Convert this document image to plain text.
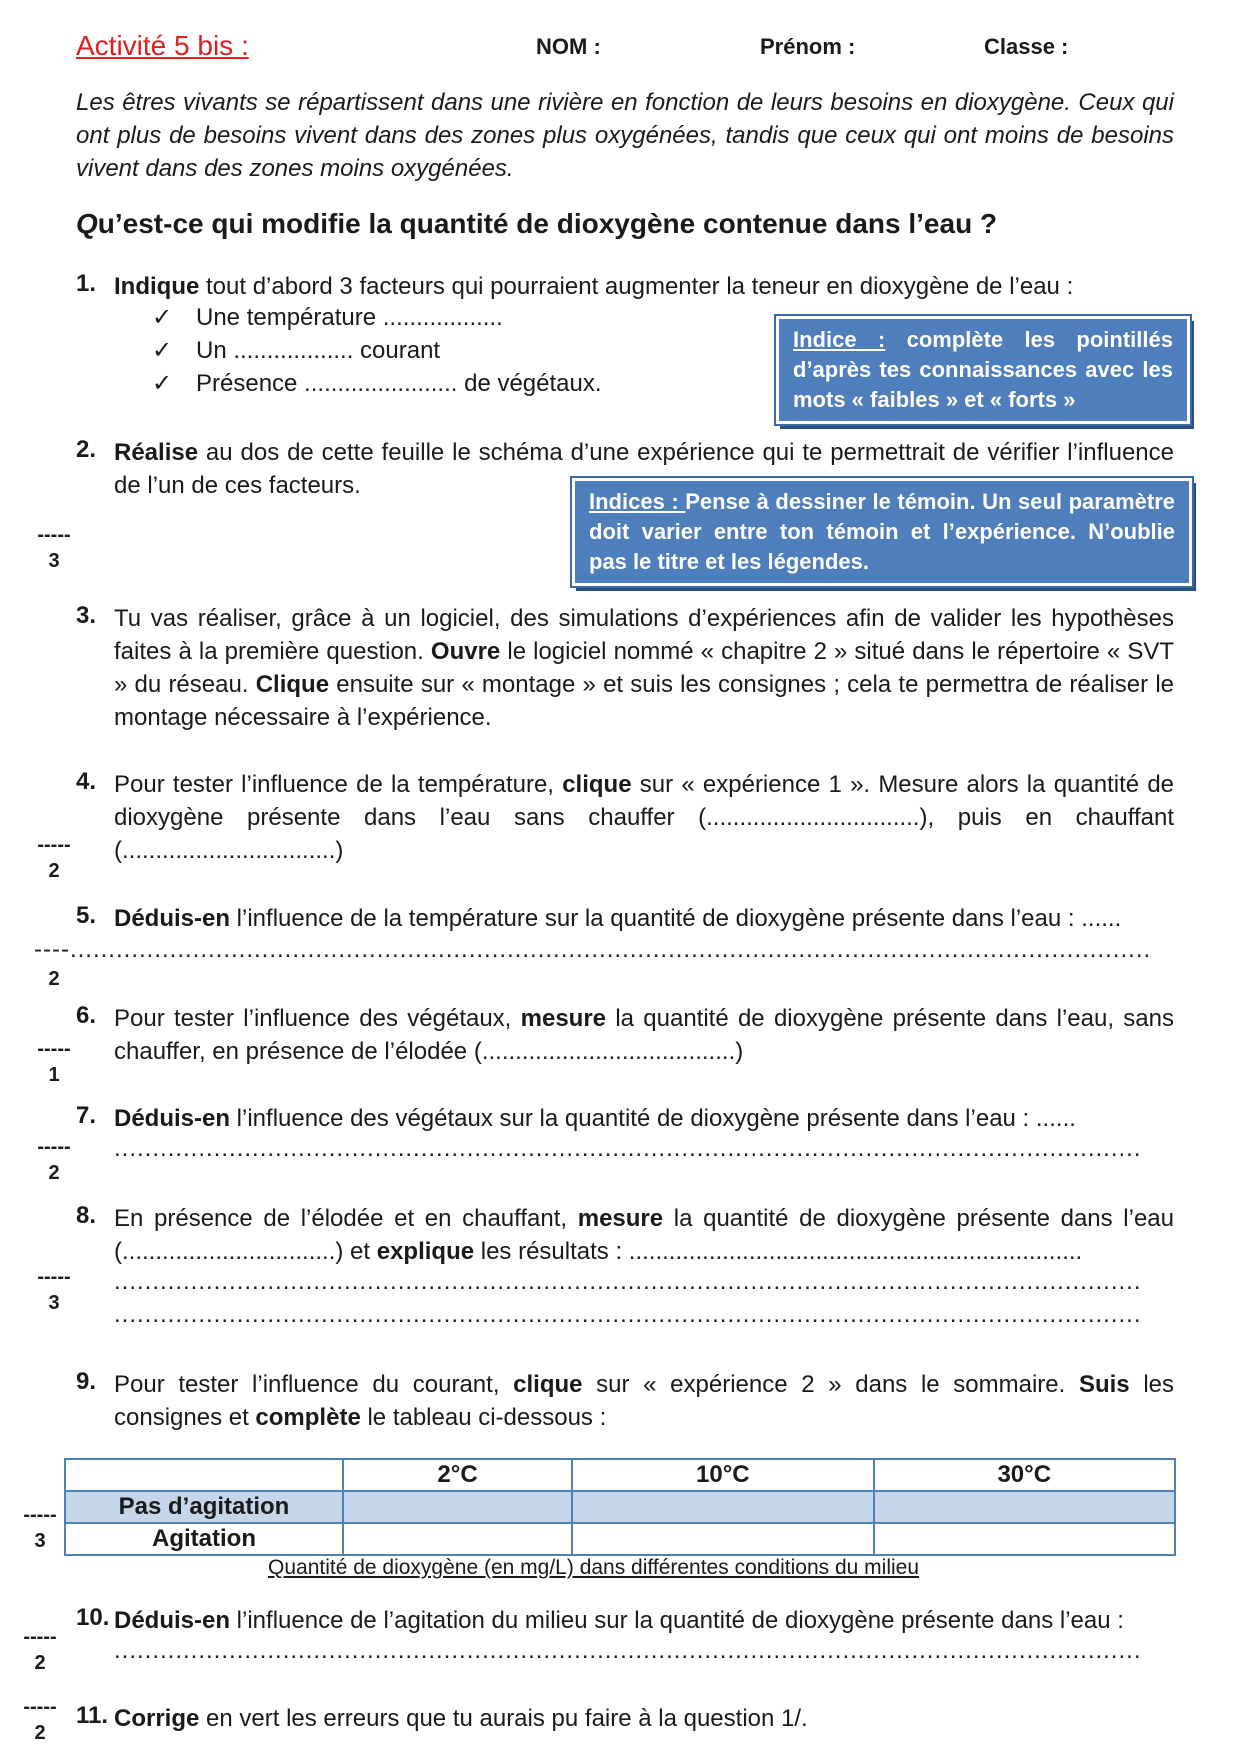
Activité 5 bis :	NOM :	Prénom :	Classe :
Les êtres vivants se répartissent dans une rivière en fonction de leurs besoins en dioxygène. Ceux qui ont plus de besoins vivent dans des zones plus oxygénées, tandis que ceux qui ont moins de besoins vivent dans des zones moins oxygénées.
Qu’est-ce qui modifie la quantité de dioxygène contenue dans l’eau ?
1. Indique tout d’abord 3 facteurs qui pourraient augmenter la teneur en dioxygène de l’eau :
✓ Une température ..................
✓ Un .................. courant
✓ Présence ....................... de végétaux.
Indice : complète les pointillés d’après tes connaissances avec les mots « faibles » et « forts »
2. Réalise au dos de cette feuille le schéma d’une expérience qui te permettrait de vérifier l’influence de l’un de ces facteurs.
Indices : Pense à dessiner le témoin. Un seul paramètre doit varier entre ton témoin et l’expérience. N’oublie pas le titre et les légendes.
-----
3
3. Tu vas réaliser, grâce à un logiciel, des simulations d’expériences afin de valider les hypothèses faites à la première question. Ouvre le logiciel nommé « chapitre 2 » situé dans le répertoire « SVT » du réseau. Clique ensuite sur « montage » et suis les consignes ; cela te permettra de réaliser le montage nécessaire à l’expérience.
4. Pour tester l’influence de la température, clique sur « expérience 1 ». Mesure alors la quantité de dioxygène présente dans l’eau sans chauffer (................................), puis en chauffant (................................)
-----
2
5. Déduis-en l’influence de la température sur la quantité de dioxygène présente dans l’eau : ......
----.............................................................................................................................................
2
6. Pour tester l’influence des végétaux, mesure la quantité de dioxygène présente dans l’eau, sans chauffer, en présence de l’élodée (......................................)
-----
1
7. Déduis-en l’influence des végétaux sur la quantité de dioxygène présente dans l’eau : ......
......................................................................................................................................
-----
2
8. En présence de l’élodée et en chauffant, mesure la quantité de dioxygène présente dans l’eau (................................) et explique les résultats : ....................................................................
......................................................................................................................................
......................................................................................................................................
-----
3
9. Pour tester l’influence du courant, clique sur « expérience 2 » dans le sommaire. Suis les consignes et complète le tableau ci-dessous :
	2°C	10°C	30°C
Pas d’agitation			
Agitation			
Quantité de dioxygène (en mg/L) dans différentes conditions du milieu
-----
3
10. Déduis-en l’influence de l’agitation du milieu sur la quantité de dioxygène présente dans l’eau :
......................................................................................................................................
-----
2
11. Corrige en vert les erreurs que tu aurais pu faire à la question 1/.
-----
2
